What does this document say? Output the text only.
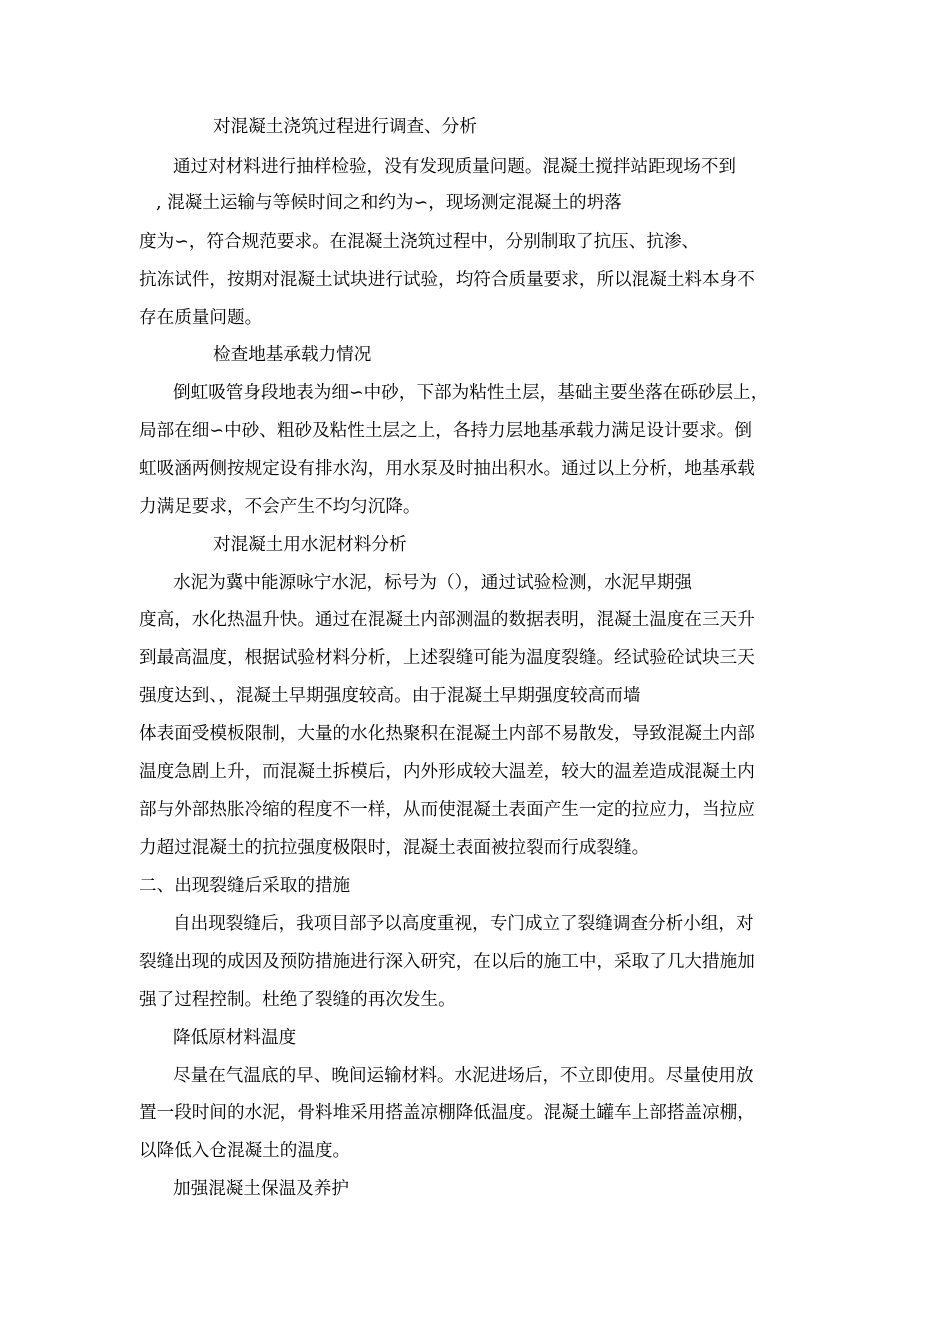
对混凝土浇筑过程进行调查、分析
通过对材料进行抽样检验，没有发现质量问题。混凝土搅拌站距现场不到
, 混凝土运输与等候时间之和约为∽，现场测定混凝土的坍落
度为∽，符合规范要求。在混凝土浇筑过程中，分别制取了抗压、抗渗、
抗冻试件，按期对混凝土试块进行试验，均符合质量要求，所以混凝土料本身不
存在质量问题。
检查地基承载力情况
倒虹吸管身段地表为细∽中砂，下部为粘性土层，基础主要坐落在砾砂层上，
局部在细∽中砂、粗砂及粘性土层之上，各持力层地基承载力满足设计要求。倒
虹吸涵两侧按规定设有排水沟，用水泵及时抽出积水。通过以上分析，地基承载
力满足要求，不会产生不均匀沉降。
对混凝土用水泥材料分析
水泥为冀中能源咏宁水泥，标号为（），通过试验检测，水泥早期强
度高，水化热温升快。通过在混凝土内部测温的数据表明，混凝土温度在三天升
到最高温度，根据试验材料分析，上述裂缝可能为温度裂缝。经试验砼试块三天
强度达到、，混凝土早期强度较高。由于混凝土早期强度较高而墙
体表面受模板限制，大量的水化热聚积在混凝土内部不易散发，导致混凝土内部
温度急剧上升，而混凝土拆模后，内外形成较大温差，较大的温差造成混凝土内
部与外部热胀冷缩的程度不一样，从而使混凝土表面产生一定的拉应力，当拉应
力超过混凝土的抗拉强度极限时，混凝土表面被拉裂而行成裂缝。
二、出现裂缝后采取的措施
自出现裂缝后，我项目部予以高度重视，专门成立了裂缝调查分析小组，对
裂缝出现的成因及预防措施进行深入研究，在以后的施工中，采取了几大措施加
强了过程控制。杜绝了裂缝的再次发生。
降低原材料温度
尽量在气温底的早、晚间运输材料。水泥进场后，不立即使用。尽量使用放
置一段时间的水泥，骨料堆采用搭盖凉棚降低温度。混凝土罐车上部搭盖凉棚，
以降低入仓混凝土的温度。
加强混凝土保温及养护
